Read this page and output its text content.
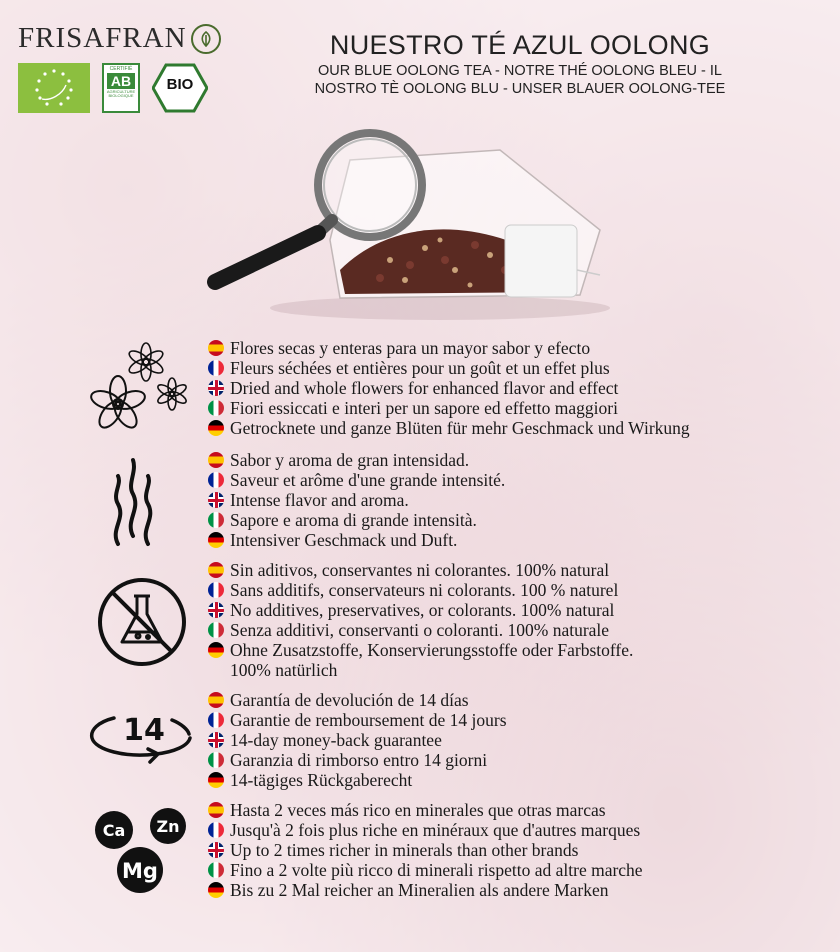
FRISAFRAN
CERTIFIÉ
AB
AGRICULTURE BIOLOGIQUE
BIO
NUESTRO TÉ AZUL OOLONG
OUR BLUE OOLONG TEA - NOTRE THÉ OOLONG BLEU - IL
NOSTRO TÈ OOLONG BLU - UNSER BLAUER OOLONG-TEE
Flores secas y enteras para un mayor sabor y efecto
Fleurs séchées et entières pour un goût et un effet plus
Dried and whole flowers for enhanced flavor and effect
Fiori essiccati e interi per un sapore ed effetto maggiori
Getrocknete und ganze Blüten für mehr Geschmack und Wirkung
Sabor y aroma de gran intensidad.
Saveur et arôme d'une grande intensité.
Intense flavor and aroma.
Sapore e aroma di grande intensità.
Intensiver Geschmack und Duft.
Sin aditivos, conservantes ni colorantes. 100% natural
Sans additifs, conservateurs ni colorants. 100 % naturel
No additives, preservatives, or colorants. 100% natural
Senza additivi, conservanti o coloranti. 100% naturale
Ohne Zusatzstoffe, Konservierungsstoffe oder Farbstoffe.
100% natürlich
14
Garantía de devolución de 14 días
Garantie de remboursement de 14 jours
14-day money-back guarantee
Garanzia di rimborso entro 14 giorni
14-tägiges Rückgaberecht
Ca Zn
Mg
Hasta 2 veces más rico en minerales que otras marcas
Jusqu'à 2 fois plus riche en minéraux que d'autres marques
Up to 2 times richer in minerals than other brands
Fino a 2 volte più ricco di minerali rispetto ad altre marche
Bis zu 2 Mal reicher an Mineralien als andere Marken
